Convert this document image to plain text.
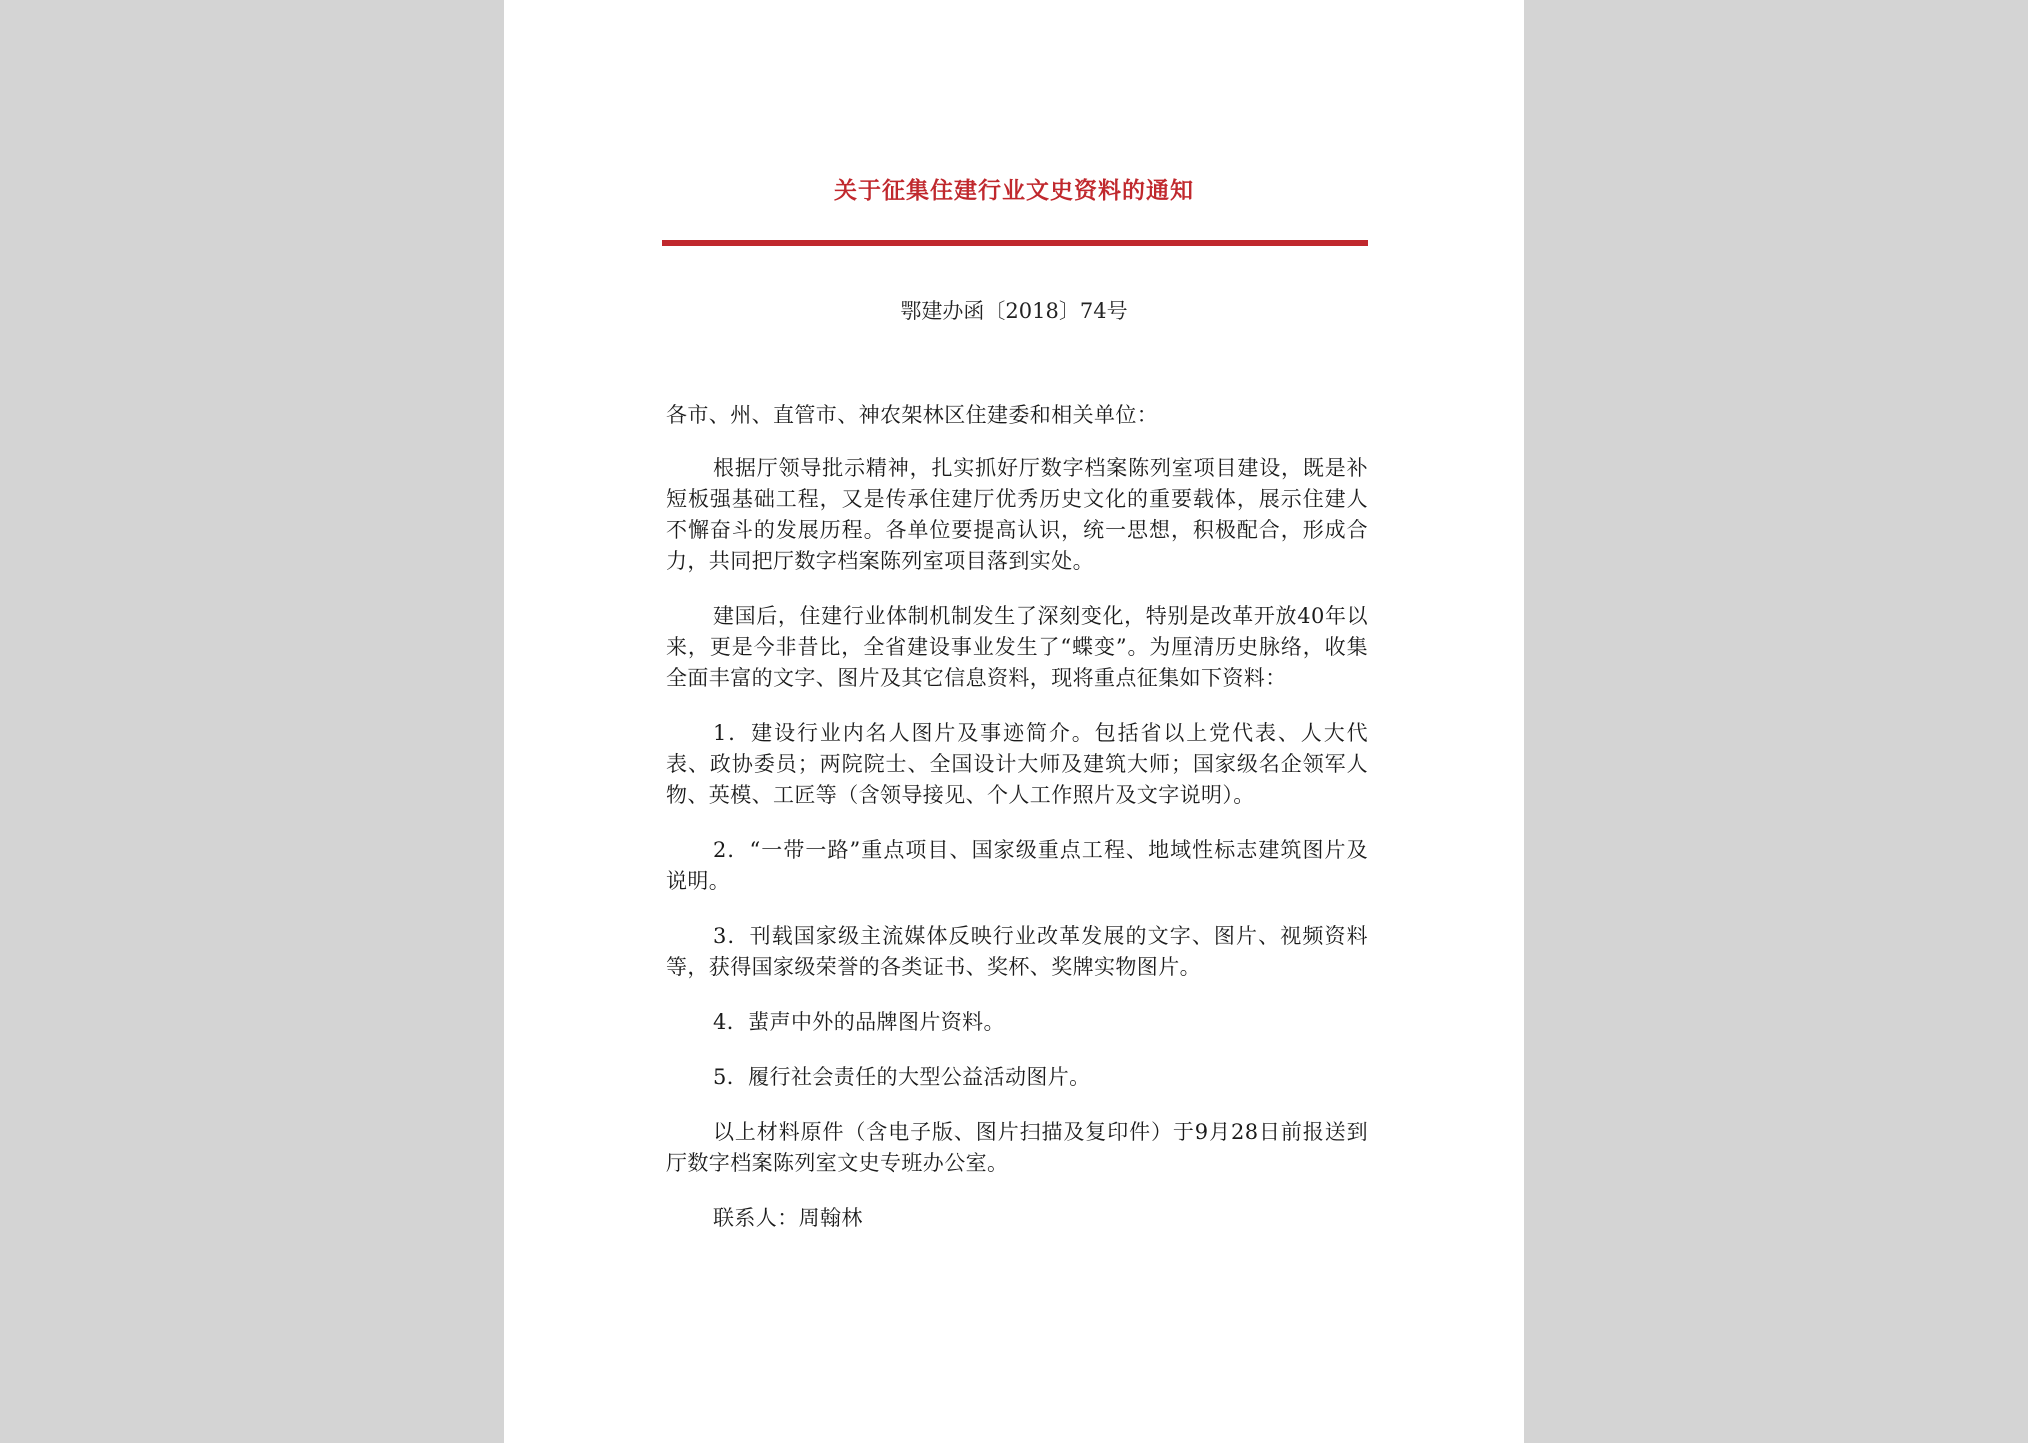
关于征集住建行业文史资料的通知
鄂建办函〔2018〕74号

各市、州、直管市、神农架林区住建委和相关单位：

根据厅领导批示精神，扎实抓好厅数字档案陈列室项目建设，既是补短板强基础工程，又是传承住建厅优秀历史文化的重要载体，展示住建人不懈奋斗的发展历程。各单位要提高认识，统一思想，积极配合，形成合力，共同把厅数字档案陈列室项目落到实处。

建国后，住建行业体制机制发生了深刻变化，特别是改革开放40年以来，更是今非昔比，全省建设事业发生了“蝶变”。为厘清历史脉络，收集全面丰富的文字、图片及其它信息资料，现将重点征集如下资料：

1．建设行业内名人图片及事迹简介。包括省以上党代表、人大代表、政协委员；两院院士、全国设计大师及建筑大师；国家级名企领军人物、英模、工匠等（含领导接见、个人工作照片及文字说明）。

2．“一带一路”重点项目、国家级重点工程、地域性标志建筑图片及说明。

3．刊载国家级主流媒体反映行业改革发展的文字、图片、视频资料等，获得国家级荣誉的各类证书、奖杯、奖牌实物图片。

4．蜚声中外的品牌图片资料。

5．履行社会责任的大型公益活动图片。

以上材料原件（含电子版、图片扫描及复印件）于9月28日前报送到厅数字档案陈列室文史专班办公室。

联系人：周翰林
